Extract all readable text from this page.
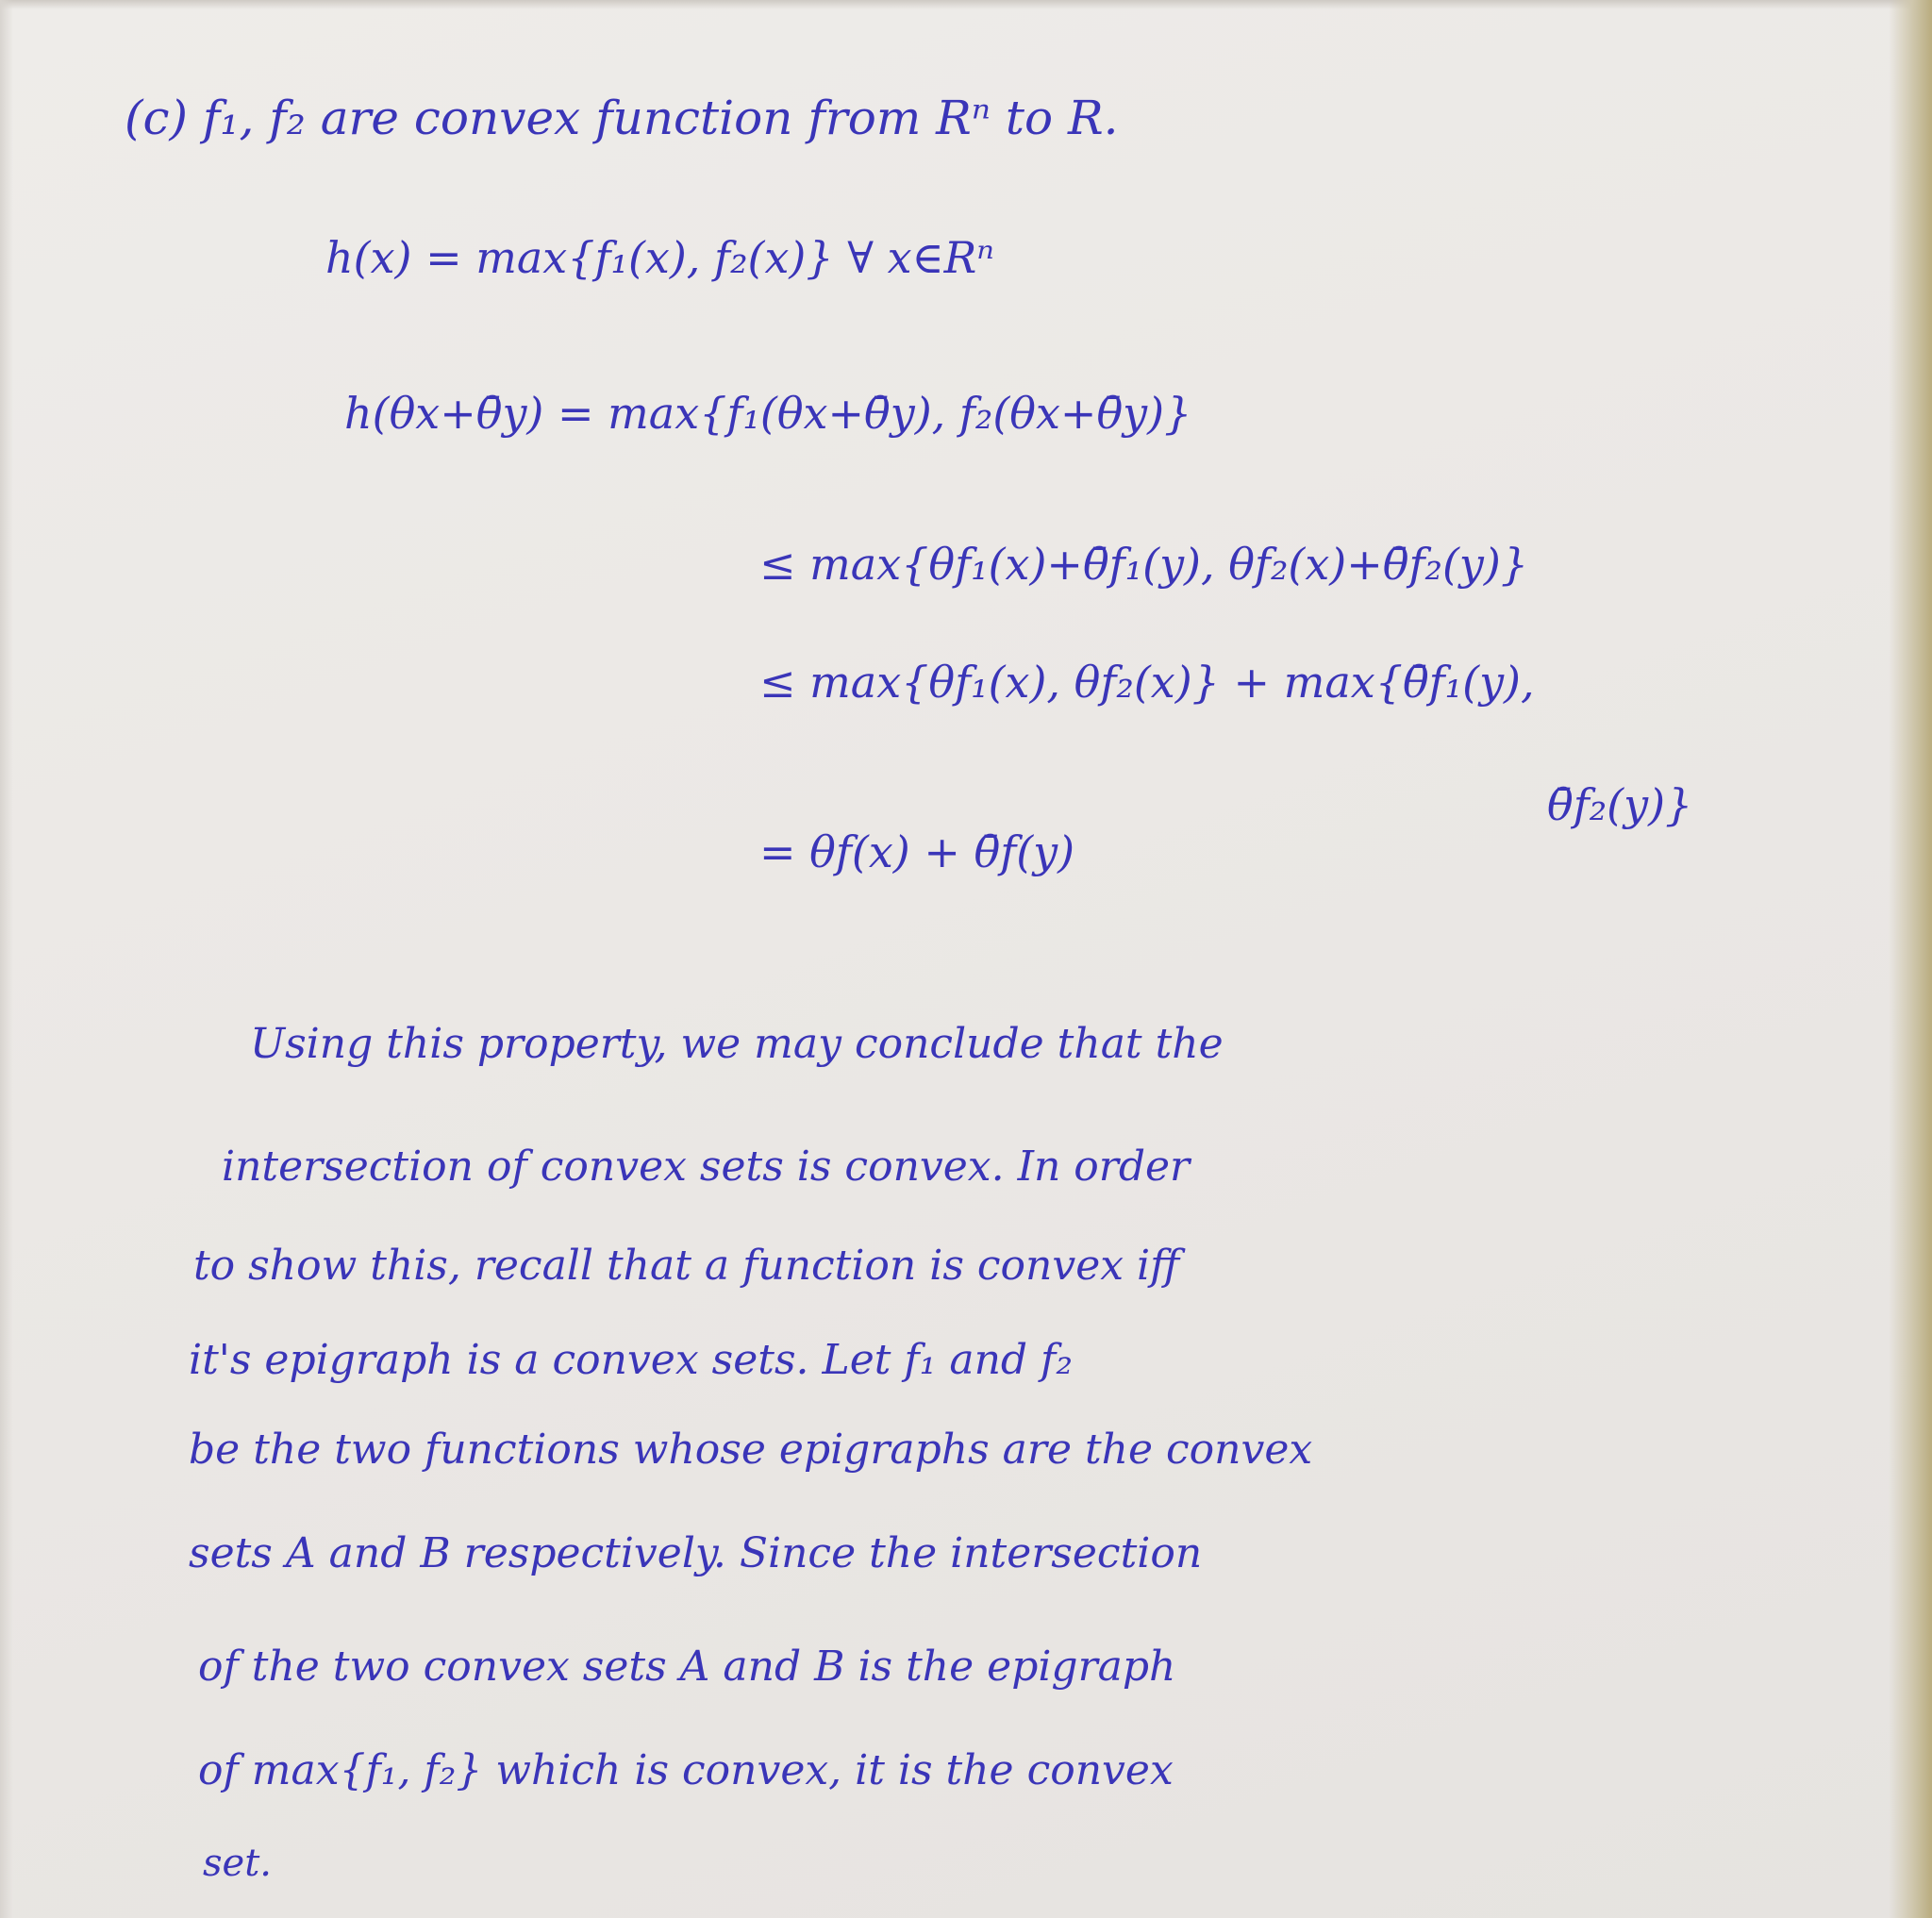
(c) f₁, f₂ are convex function from Rⁿ to R.

h(x) = max{f₁(x), f₂(x)} ∀ x∈Rⁿ

h(θx+θ̄y) = max{f₁(θx+θ̄y), f₂(θx+θ̄y)}

≤ max{θf₁(x)+θ̄f₁(y), θf₂(x)+θ̄f₂(y)}

≤ max{θf₁(x), θf₂(x)} + max{θ̄f₁(y),

θ̄f₂(y)}

= θf(x) + θ̄f(y)

Using this property, we may conclude that the

intersection of convex sets is convex. In order

to show this, recall that a function is convex iff

it's epigraph is a convex sets. Let f₁ and f₂

be the two functions whose epigraphs are the convex

sets A and B respectively. Since the intersection

of the two convex sets A and B is the epigraph

of max{f₁, f₂} which is convex, it is the convex

set.
